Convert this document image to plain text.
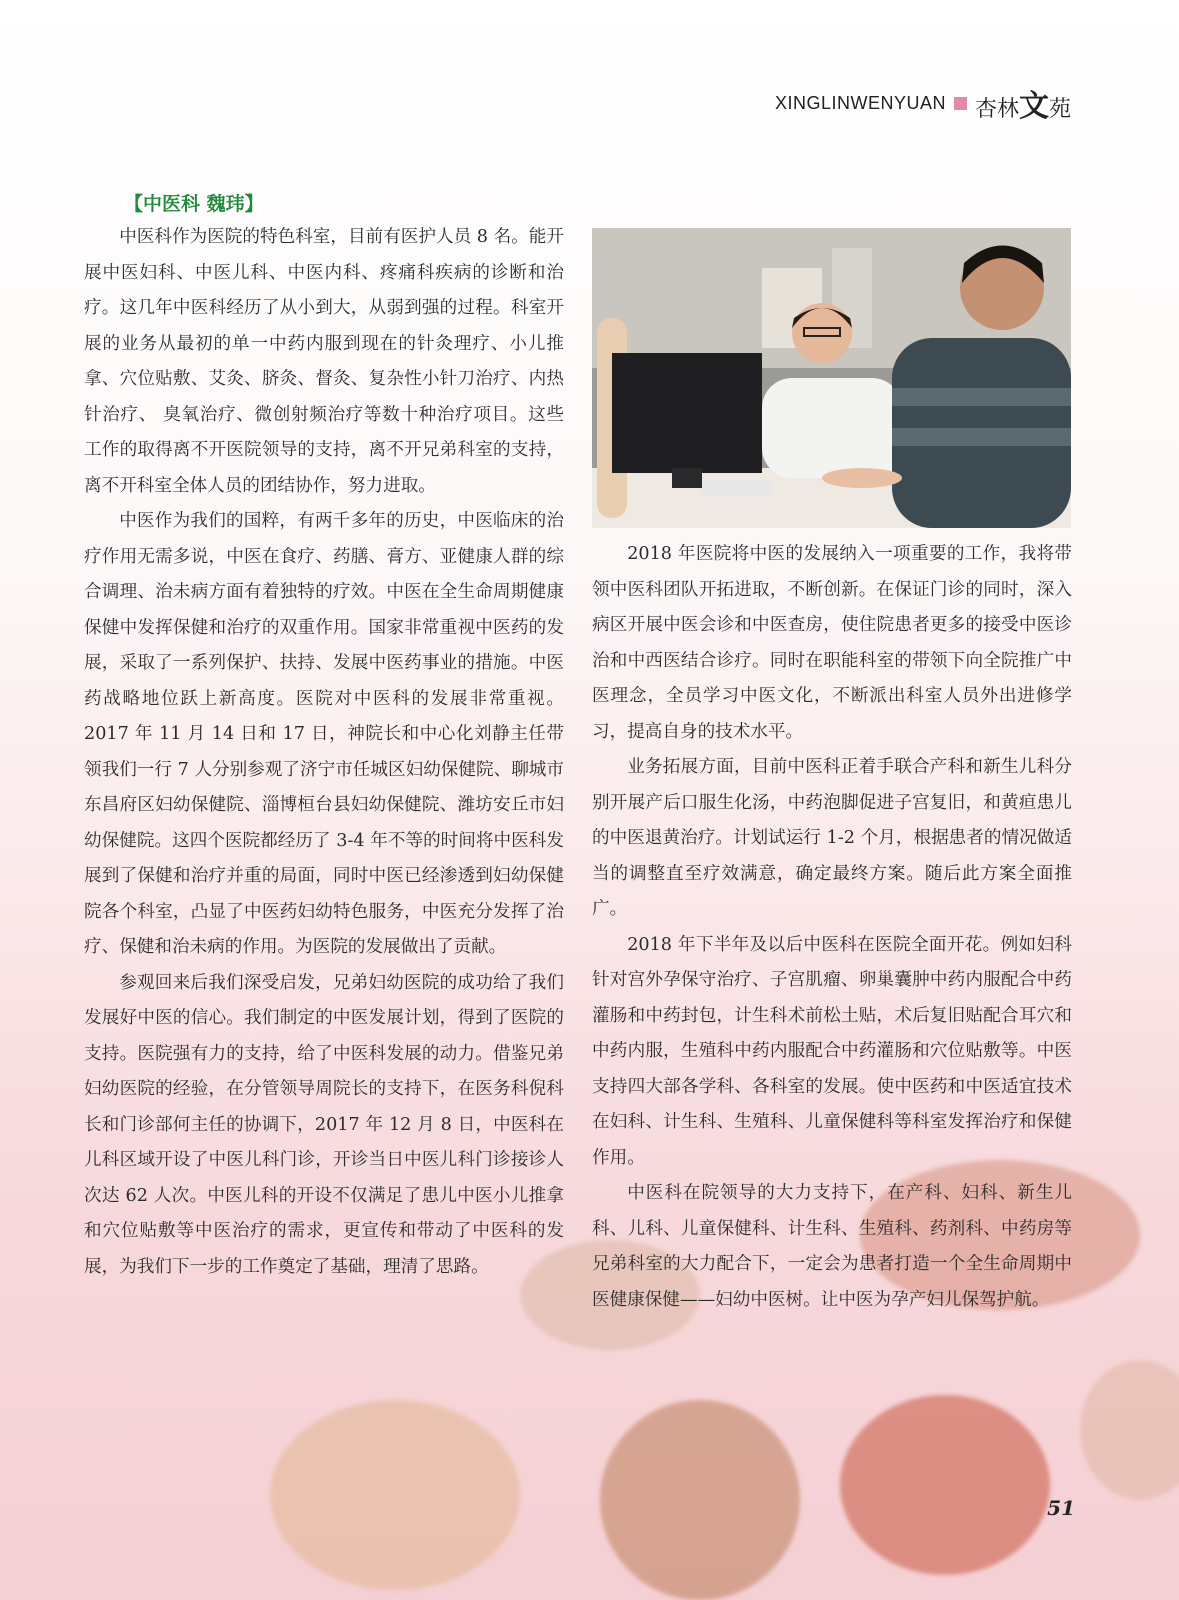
XINGLINWENYUAN 杏林文苑
【中医科 魏玮】

中医科作为医院的特色科室，目前有医护人员 8 名。能开展中医妇科、中医儿科、中医内科、疼痛科疾病的诊断和治疗。这几年中医科经历了从小到大，从弱到强的过程。科室开展的业务从最初的单一中药内服到现在的针灸理疗、小儿推拿、穴位贴敷、艾灸、脐灸、督灸、复杂性小针刀治疗、内热针治疗、 臭氧治疗、微创射频治疗等数十种治疗项目。这些工作的取得离不开医院领导的支持，离不开兄弟科室的支持，离不开科室全体人员的团结协作，努力进取。

中医作为我们的国粹，有两千多年的历史，中医临床的治疗作用无需多说，中医在食疗、药膳、膏方、亚健康人群的综合调理、治未病方面有着独特的疗效。中医在全生命周期健康保健中发挥保健和治疗的双重作用。国家非常重视中医药的发展，采取了一系列保护、扶持、发展中医药事业的措施。中医药战略地位跃上新高度。医院对中医科的发展非常重视。2017 年 11 月 14 日和 17 日，神院长和中心化刘静主任带领我们一行 7 人分别参观了济宁市任城区妇幼保健院、聊城市东昌府区妇幼保健院、淄博桓台县妇幼保健院、潍坊安丘市妇幼保健院。这四个医院都经历了 3-4 年不等的时间将中医科发展到了保健和治疗并重的局面，同时中医已经渗透到妇幼保健院各个科室，凸显了中医药妇幼特色服务，中医充分发挥了治疗、保健和治未病的作用。为医院的发展做出了贡献。

参观回来后我们深受启发，兄弟妇幼医院的成功给了我们发展好中医的信心。我们制定的中医发展计划，得到了医院的支持。医院强有力的支持，给了中医科发展的动力。借鉴兄弟妇幼医院的经验，在分管领导周院长的支持下，在医务科倪科长和门诊部何主任的协调下，2017 年 12 月 8 日，中医科在儿科区域开设了中医儿科门诊，开诊当日中医儿科门诊接诊人次达 62 人次。中医儿科的开设不仅满足了患儿中医小儿推拿和穴位贴敷等中医治疗的需求，更宣传和带动了中医科的发展，为我们下一步的工作奠定了基础，理清了思路。

2018 年医院将中医的发展纳入一项重要的工作，我将带领中医科团队开拓进取，不断创新。在保证门诊的同时，深入病区开展中医会诊和中医查房，使住院患者更多的接受中医诊治和中西医结合诊疗。同时在职能科室的带领下向全院推广中医理念，全员学习中医文化，不断派出科室人员外出进修学习，提高自身的技术水平。

业务拓展方面，目前中医科正着手联合产科和新生儿科分别开展产后口服生化汤，中药泡脚促进子宫复旧，和黄疸患儿的中医退黄治疗。计划试运行 1-2 个月，根据患者的情况做适当的调整直至疗效满意，确定最终方案。随后此方案全面推广。

2018 年下半年及以后中医科在医院全面开花。例如妇科针对宫外孕保守治疗、子宫肌瘤、卵巢囊肿中药内服配合中药灌肠和中药封包，计生科术前松土贴，术后复旧贴配合耳穴和中药内服，生殖科中药内服配合中药灌肠和穴位贴敷等。中医支持四大部各学科、各科室的发展。使中医药和中医适宜技术在妇科、计生科、生殖科、儿童保健科等科室发挥治疗和保健作用。

中医科在院领导的大力支持下，在产科、妇科、新生儿科、儿科、儿童保健科、计生科、生殖科、药剂科、中药房等兄弟科室的大力配合下，一定会为患者打造一个全生命周期中医健康保健——妇幼中医树。让中医为孕产妇儿保驾护航。

51
